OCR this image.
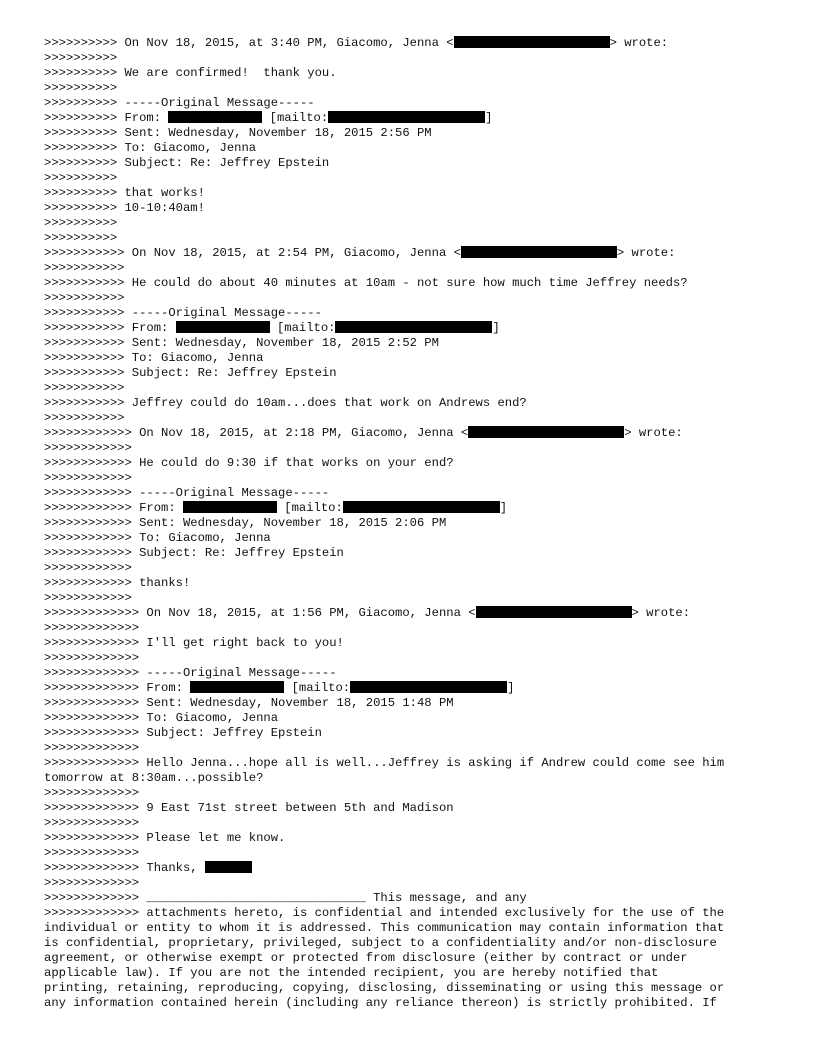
>>>>>>>>>> On Nov 18, 2015, at 3:40 PM, Giacomo, Jenna <	> wrote:
>>>>>>>>>>
>>>>>>>>>> We are confirmed!  thank you.
>>>>>>>>>>
>>>>>>>>>> -----Original Message-----
>>>>>>>>>> From:	[mailto:	]
>>>>>>>>>> Sent: Wednesday, November 18, 2015 2:56 PM
>>>>>>>>>> To: Giacomo, Jenna
>>>>>>>>>> Subject: Re: Jeffrey Epstein
>>>>>>>>>>
>>>>>>>>>> that works!
>>>>>>>>>> 10-10:40am!
>>>>>>>>>>
>>>>>>>>>>
>>>>>>>>>>> On Nov 18, 2015, at 2:54 PM, Giacomo, Jenna <	> wrote:
>>>>>>>>>>>
>>>>>>>>>>> He could do about 40 minutes at 10am - not sure how much time Jeffrey needs?
>>>>>>>>>>>
>>>>>>>>>>> -----Original Message-----
>>>>>>>>>>> From:	[mailto:	]
>>>>>>>>>>> Sent: Wednesday, November 18, 2015 2:52 PM
>>>>>>>>>>> To: Giacomo, Jenna
>>>>>>>>>>> Subject: Re: Jeffrey Epstein
>>>>>>>>>>>
>>>>>>>>>>> Jeffrey could do 10am...does that work on Andrews end?
>>>>>>>>>>>
>>>>>>>>>>>> On Nov 18, 2015, at 2:18 PM, Giacomo, Jenna <	> wrote:
>>>>>>>>>>>>
>>>>>>>>>>>> He could do 9:30 if that works on your end?
>>>>>>>>>>>>
>>>>>>>>>>>> -----Original Message-----
>>>>>>>>>>>> From:	[mailto:	]
>>>>>>>>>>>> Sent: Wednesday, November 18, 2015 2:06 PM
>>>>>>>>>>>> To: Giacomo, Jenna
>>>>>>>>>>>> Subject: Re: Jeffrey Epstein
>>>>>>>>>>>>
>>>>>>>>>>>> thanks!
>>>>>>>>>>>>
>>>>>>>>>>>>> On Nov 18, 2015, at 1:56 PM, Giacomo, Jenna <	> wrote:
>>>>>>>>>>>>>
>>>>>>>>>>>>> I'll get right back to you!
>>>>>>>>>>>>>
>>>>>>>>>>>>> -----Original Message-----
>>>>>>>>>>>>> From:	[mailto:	]
>>>>>>>>>>>>> Sent: Wednesday, November 18, 2015 1:48 PM
>>>>>>>>>>>>> To: Giacomo, Jenna
>>>>>>>>>>>>> Subject: Jeffrey Epstein
>>>>>>>>>>>>>
>>>>>>>>>>>>> Hello Jenna...hope all is well...Jeffrey is asking if Andrew could come see him
tomorrow at 8:30am...possible?
>>>>>>>>>>>>>
>>>>>>>>>>>>> 9 East 71st street between 5th and Madison
>>>>>>>>>>>>>
>>>>>>>>>>>>> Please let me know.
>>>>>>>>>>>>>
>>>>>>>>>>>>> Thanks,
>>>>>>>>>>>>>
>>>>>>>>>>>>> ______________________________ This message, and any
>>>>>>>>>>>>> attachments hereto, is confidential and intended exclusively for the use of the
individual or entity to whom it is addressed. This communication may contain information that
is confidential, proprietary, privileged, subject to a confidentiality and/or non-disclosure
agreement, or otherwise exempt or protected from disclosure (either by contract or under
applicable law). If you are not the intended recipient, you are hereby notified that
printing, retaining, reproducing, copying, disclosing, disseminating or using this message or
any information contained herein (including any reliance thereon) is strictly prohibited. If
